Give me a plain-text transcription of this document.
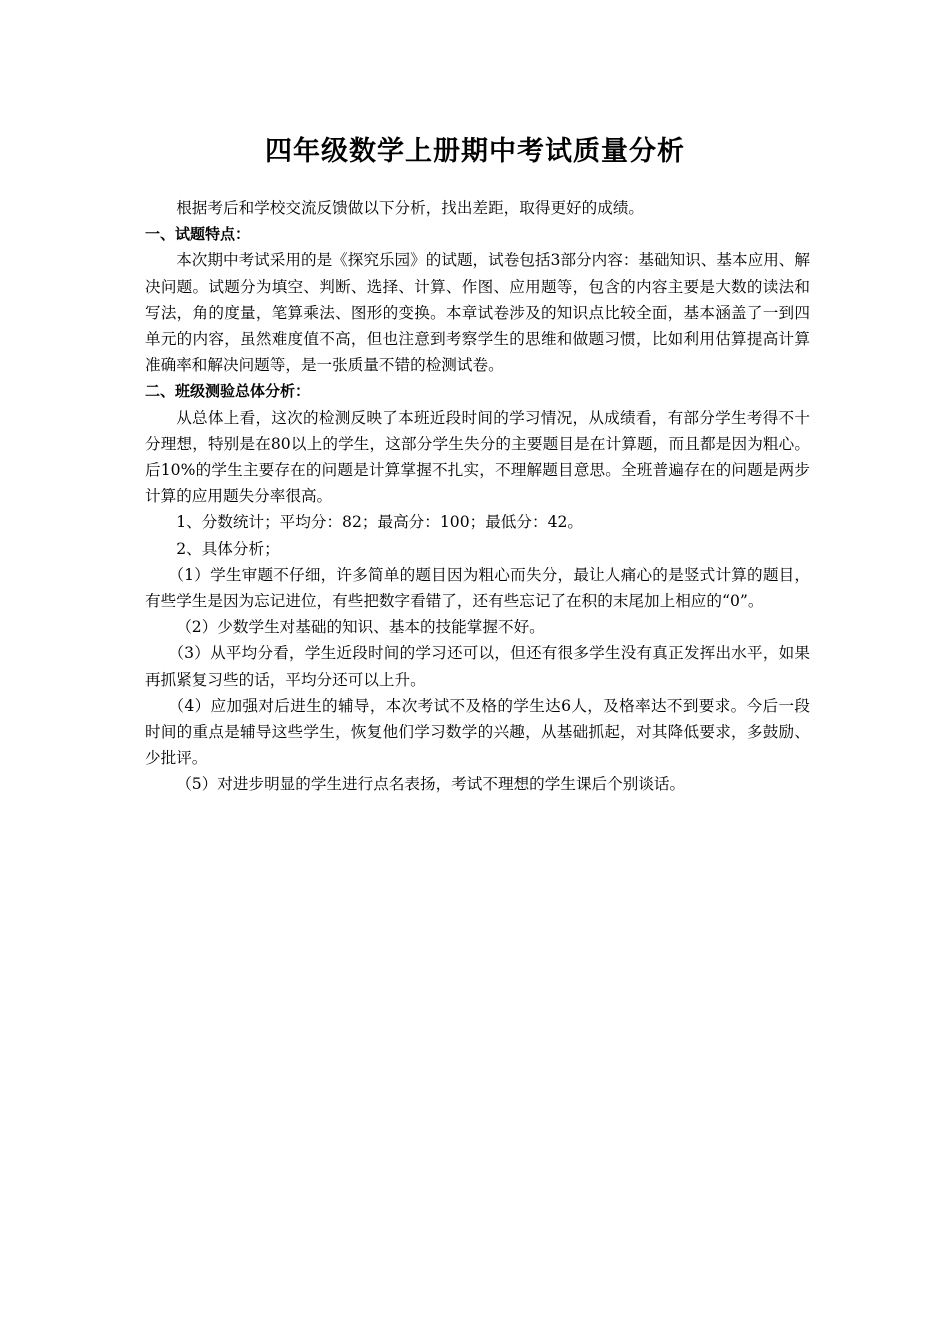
四年级数学上册期中考试质量分析

根据考后和学校交流反馈做以下分析，找出差距，取得更好的成绩。

一、试题特点：

本次期中考试采用的是《探究乐园》的试题，试卷包括3部分内容：基础知识、基本应用、解决问题。试题分为填空、判断、选择、计算、作图、应用题等，包含的内容主要是大数的读法和写法，角的度量，笔算乘法、图形的变换。本章试卷涉及的知识点比较全面，基本涵盖了一到四单元的内容，虽然难度值不高，但也注意到考察学生的思维和做题习惯，比如利用估算提高计算准确率和解决问题等，是一张质量不错的检测试卷。

二、班级测验总体分析：

从总体上看，这次的检测反映了本班近段时间的学习情况，从成绩看，有部分学生考得不十分理想，特别是在80以上的学生，这部分学生失分的主要题目是在计算题，而且都是因为粗心。后10%的学生主要存在的问题是计算掌握不扎实，不理解题目意思。全班普遍存在的问题是两步计算的应用题失分率很高。

1、分数统计；平均分：82；最高分：100；最低分：42。

2、具体分析；

（1）学生审题不仔细，许多简单的题目因为粗心而失分，最让人痛心的是竖式计算的题目，有些学生是因为忘记进位，有些把数字看错了，还有些忘记了在积的末尾加上相应的“0”。

（2）少数学生对基础的知识、基本的技能掌握不好。

（3）从平均分看，学生近段时间的学习还可以，但还有很多学生没有真正发挥出水平，如果再抓紧复习些的话，平均分还可以上升。

（4）应加强对后进生的辅导，本次考试不及格的学生达6人，及格率达不到要求。今后一段时间的重点是辅导这些学生，恢复他们学习数学的兴趣，从基础抓起，对其降低要求，多鼓励、少批评。

（5）对进步明显的学生进行点名表扬，考试不理想的学生课后个别谈话。
